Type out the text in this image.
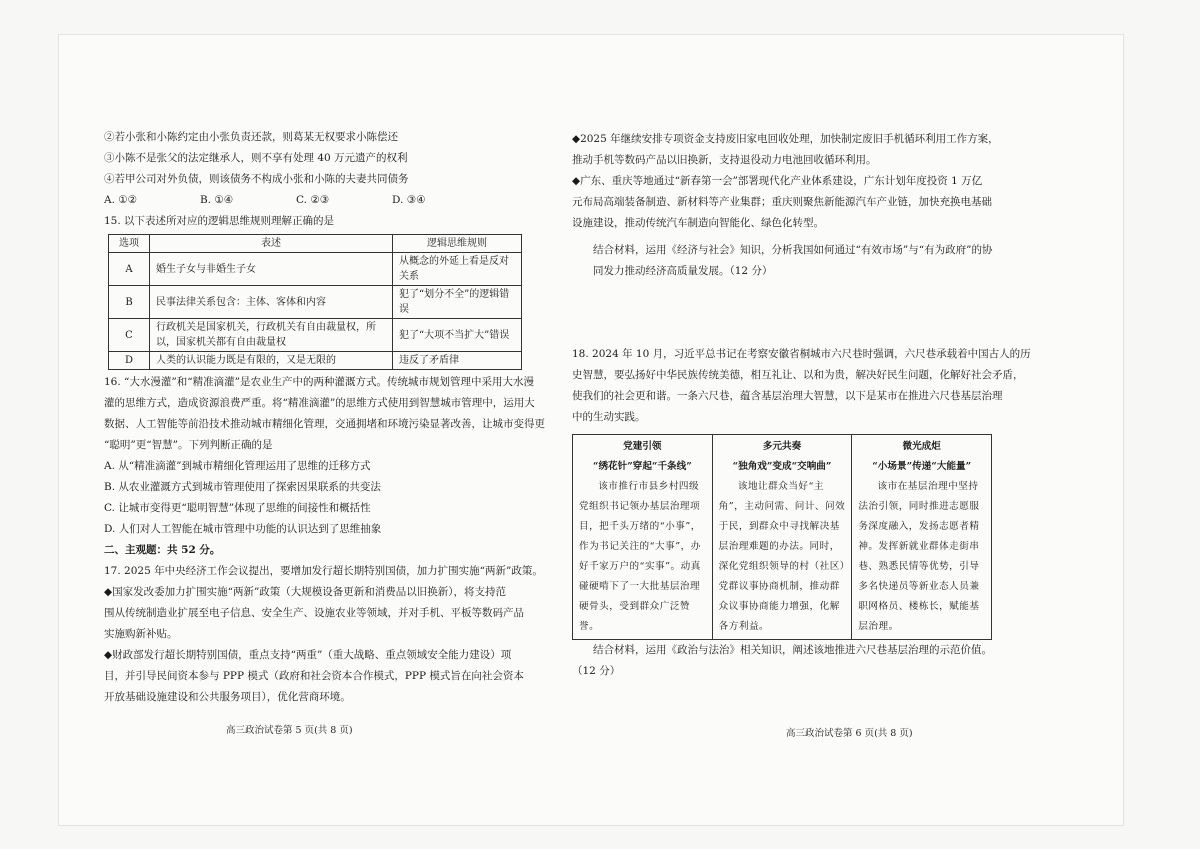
②若小张和小陈约定由小张负责还款，则葛某无权要求小陈偿还

③小陈不是张父的法定继承人，则不享有处理 40 万元遗产的权利

④若甲公司对外负债，则该债务不构成小张和小陈的夫妻共同债务

A. ①②	B. ①④	C. ②③	D. ③④

15. 以下表述所对应的逻辑思维规则理解正确的是

选项	表述	逻辑思维规则
A	婚生子女与非婚生子女	从概念的外延上看是反对关系
B	民事法律关系包含：主体、客体和内容	犯了“划分不全”的逻辑错误
C	行政机关是国家机关，行政机关有自由裁量权，所以，国家机关都有自由裁量权	犯了“大项不当扩大”错误
D	人类的认识能力既是有限的，又是无限的	违反了矛盾律

16. “大水漫灌”和“精准滴灌”是农业生产中的两种灌溉方式。传统城市规划管理中采用大水漫

灌的思维方式，造成资源浪费严重。将“精准滴灌”的思维方式使用到智慧城市管理中，运用大

数据、人工智能等前沿技术推动城市精细化管理，交通拥堵和环境污染显著改善，让城市变得更

“聪明”更“智慧”。下列判断正确的是

A. 从“精准滴灌”到城市精细化管理运用了思维的迁移方式

B. 从农业灌溉方式到城市管理使用了探索因果联系的共变法

C. 让城市变得更“聪明智慧”体现了思维的间接性和概括性

D. 人们对人工智能在城市管理中功能的认识达到了思维抽象

二、主观题：共 52 分。

17. 2025 年中央经济工作会议提出，要增加发行超长期特别国债，加力扩围实施“两新”政策。

◆国家发改委加力扩围实施“两新”政策（大规模设备更新和消费品以旧换新），将支持范

围从传统制造业扩展至电子信息、安全生产、设施农业等领域，并对手机、平板等数码产品

实施购新补贴。

◆财政部发行超长期特别国债，重点支持“两重”（重大战略、重点领域安全能力建设）项

目，并引导民间资本参与 PPP 模式（政府和社会资本合作模式，PPP 模式旨在向社会资本

开放基础设施建设和公共服务项目），优化营商环境。

高三政治试卷第 5 页(共 8 页)

◆2025 年继续安排专项资金支持废旧家电回收处理，加快制定废旧手机循环利用工作方案，

推动手机等数码产品以旧换新，支持退役动力电池回收循环利用。

◆广东、重庆等地通过“新春第一会”部署现代化产业体系建设，广东计划年度投资 1 万亿

元布局高端装备制造、新材料等产业集群；重庆则聚焦新能源汽车产业链，加快充换电基础

设施建设，推动传统汽车制造向智能化、绿色化转型。

结合材料，运用《经济与社会》知识，分析我国如何通过“有效市场”与“有为政府”的协

同发力推动经济高质量发展。（12 分）

18. 2024 年 10 月，习近平总书记在考察安徽省桐城市六尺巷时强调，六尺巷承载着中国古人的历

史智慧，要弘扬好中华民族传统美德，相互礼让、以和为贵，解决好民生问题，化解好社会矛盾，

使我们的社会更和谐。一条六尺巷，蕴含基层治理大智慧，以下是某市在推进六尺巷基层治理

中的生动实践。

党建引领
“绣花针”穿起“千条线”
该市推行市县乡村四级党组织书记领办基层治理项目，把千头万绪的“小事”，作为书记关注的“大事”，办好千家万户的“实事”。动真碰硬啃下了一大批基层治理硬骨头，受到群众广泛赞誉。
多元共奏
“独角戏”变成“交响曲”
该地让群众当好“主角”，主动问需、问计、问效于民，到群众中寻找解决基层治理难题的办法。同时，深化党组织领导的村（社区）党群议事协商机制，推动群众议事协商能力增强，化解各方利益。
微光成炬
“小场景”传递“大能量”
该市在基层治理中坚持法治引领，同时推进志愿服务深度融入，发扬志愿者精神。发挥新就业群体走街串巷、熟悉民情等优势，引导多名快递员等新业态人员兼职网格员、楼栋长，赋能基层治理。

结合材料，运用《政治与法治》相关知识，阐述该地推进六尺巷基层治理的示范价值。

（12 分）

高三政治试卷第 6 页(共 8 页)
